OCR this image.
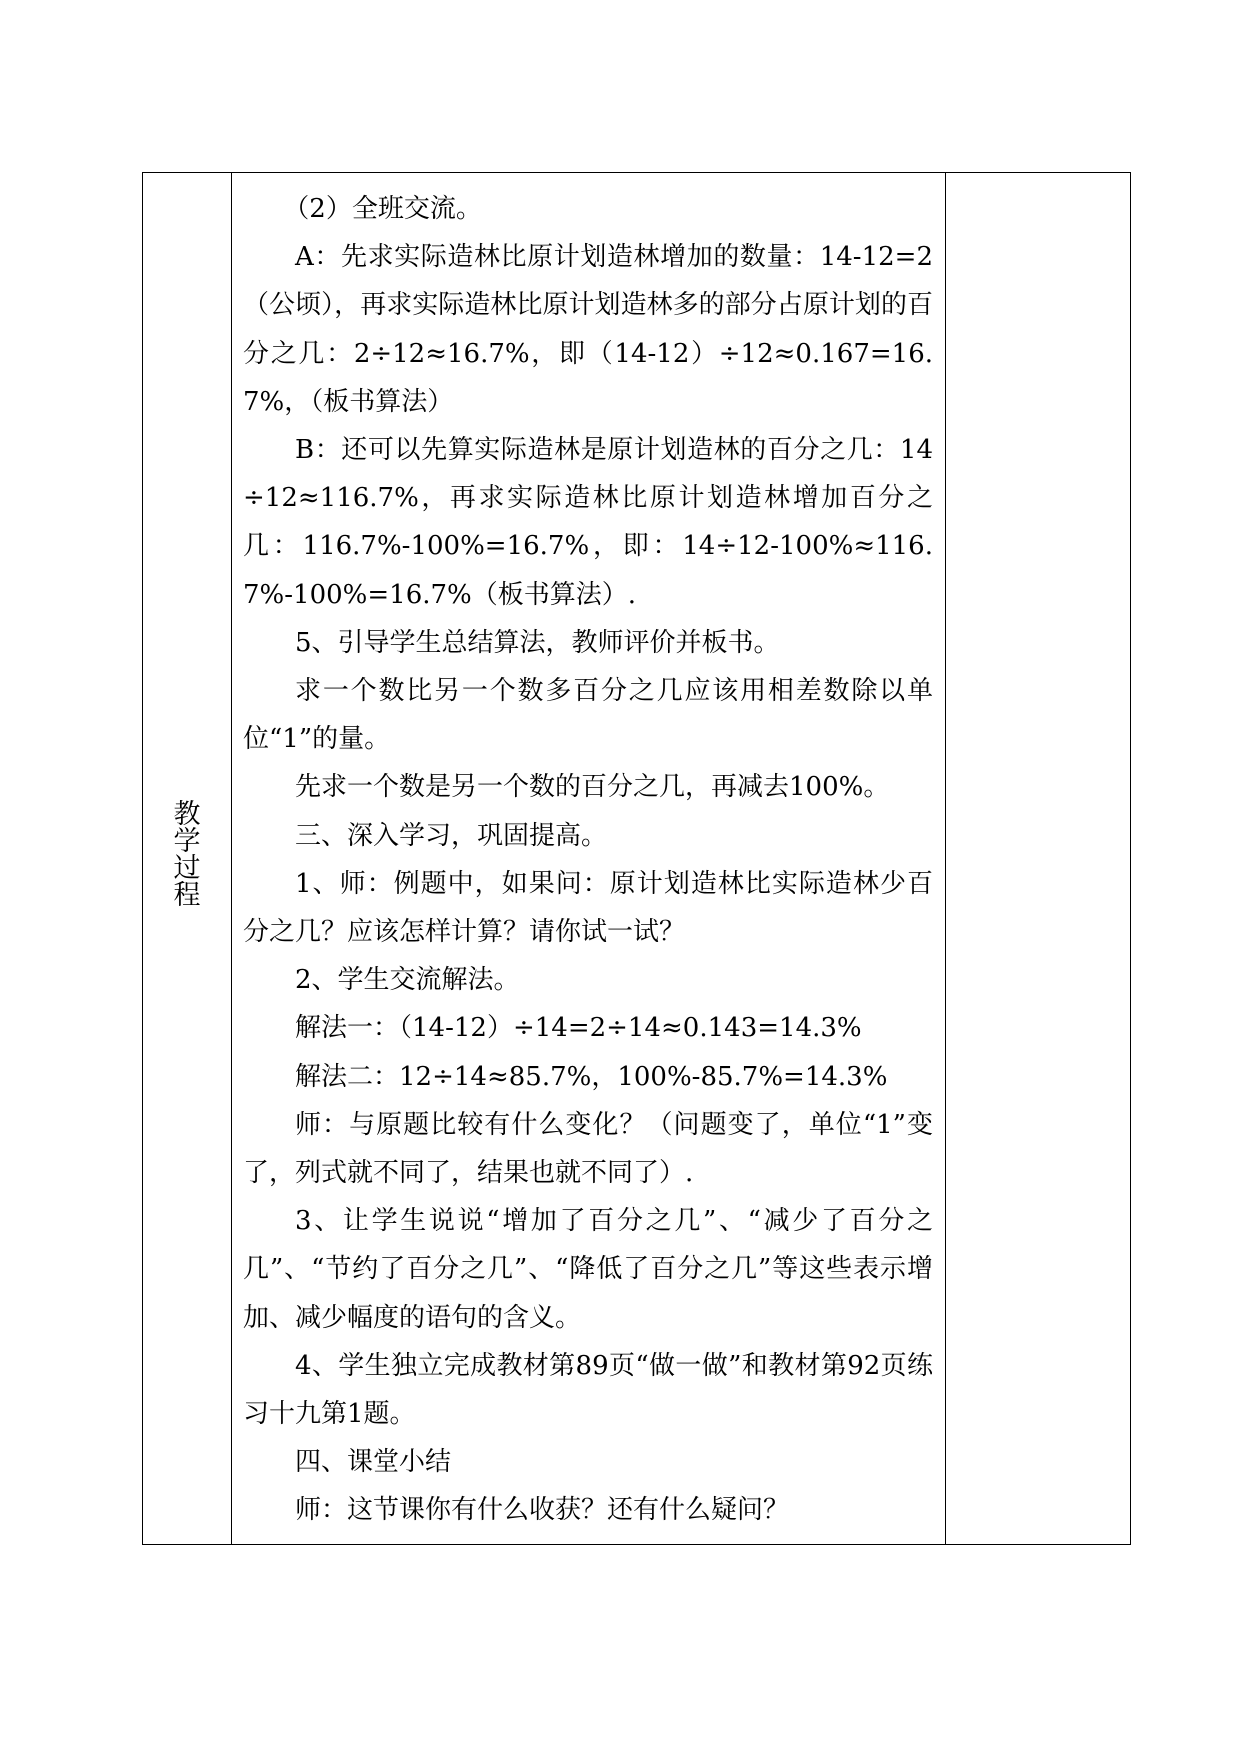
教
学
过
程

（2）全班交流。

A：先求实际造林比原计划造林增加的数量：14-12=2（公顷），再求实际造林比原计划造林多的部分占原计划的百分之几：2÷12≈16.7%，即（14-12）÷12≈0.167=16.7%，（板书算法）

B：还可以先算实际造林是原计划造林的百分之几：14÷12≈116.7%，再求实际造林比原计划造林增加百分之几：116.7%-100%=16.7%，即：14÷12-100%≈116.7%-100%=16.7%（板书算法）.

5、引导学生总结算法，教师评价并板书。

求一个数比另一个数多百分之几应该用相差数除以单位“1”的量。

先求一个数是另一个数的百分之几，再减去100%。

三、深入学习，巩固提高。

1、师：例题中，如果问：原计划造林比实际造林少百分之几？应该怎样计算？请你试一试？

2、学生交流解法。

解法一：（14-12）÷14=2÷14≈0.143=14.3%

解法二：12÷14≈85.7%，100%-85.7%=14.3%

师：与原题比较有什么变化？（问题变了，单位“1”变了，列式就不同了，结果也就不同了）.

3、让学生说说“增加了百分之几”、“减少了百分之几”、“节约了百分之几”、“降低了百分之几”等这些表示增加、减少幅度的语句的含义。

4、学生独立完成教材第89页“做一做”和教材第92页练习十九第1题。

四、课堂小结

师：这节课你有什么收获？还有什么疑问？
